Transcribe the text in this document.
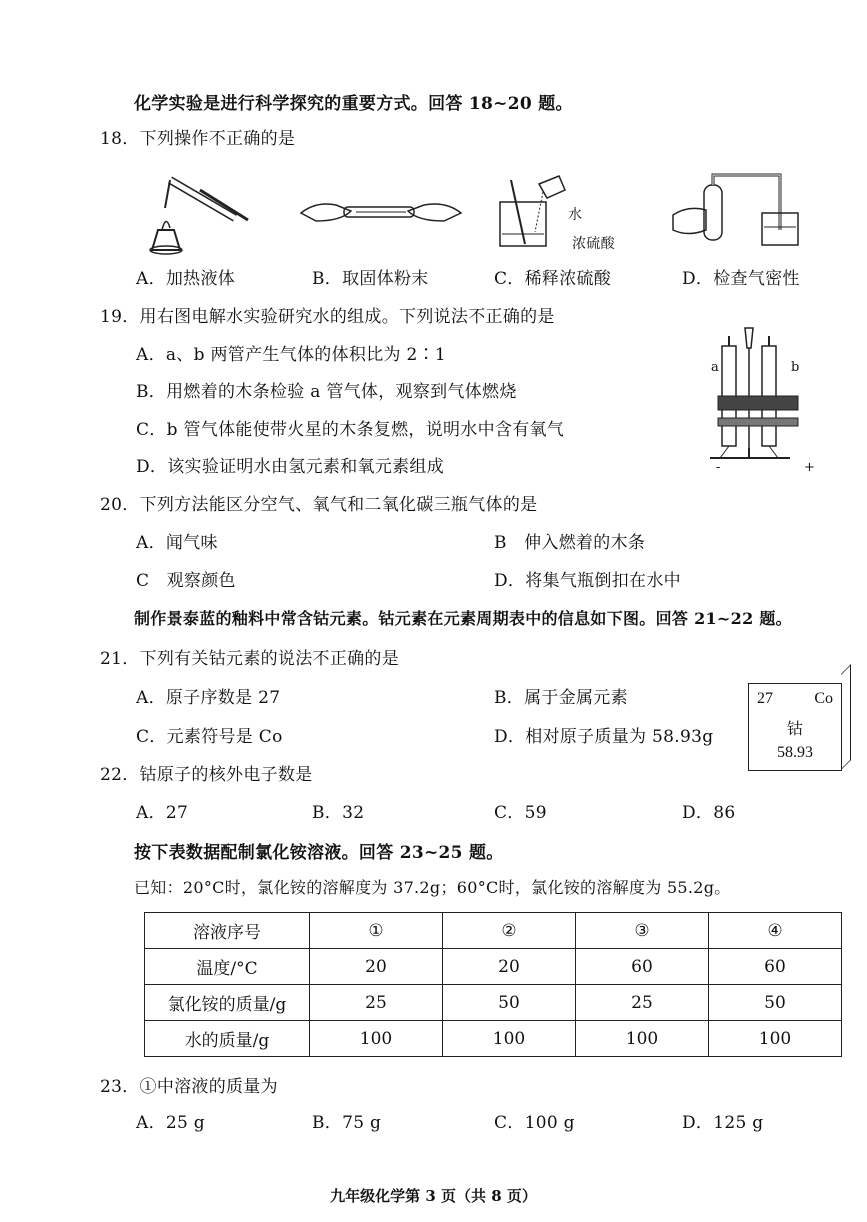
化学实验是进行科学探究的重要方式。回答 18~20 题。
18．下列操作不正确的是
水
浓硫酸
A．加热液体	B．取固体粉末	C．稀释浓硫酸	D．检查气密性
19．用右图电解水实验研究水的组成。下列说法不正确的是
A．a、b 两管产生气体的体积比为 2∶1
B．用燃着的木条检验 a 管气体，观察到气体燃烧
C．b 管气体能使带火星的木条复燃，说明水中含有氧气
D．该实验证明水由氢元素和氧元素组成
a	b
-	+
20．下列方法能区分空气、氧气和二氧化碳三瓶气体的是
A．闻气味	B　伸入燃着的木条
C　观察颜色	D．将集气瓶倒扣在水中
制作景泰蓝的釉料中常含钴元素。钴元素在元素周期表中的信息如下图。回答 21~22 题。
21．下列有关钴元素的说法不正确的是
A．原子序数是 27	B．属于金属元素
C．元素符号是 Co	D．相对原子质量为 58.93g
27	Co
钴
58.93
22．钴原子的核外电子数是
A．27	B．32	C．59	D．86
按下表数据配制氯化铵溶液。回答 23~25 题。
已知：20°C时，氯化铵的溶解度为 37.2g；60°C时，氯化铵的溶解度为 55.2g。
溶液序号	①	②	③	④
温度/°C	20	20	60	60
氯化铵的质量/g	25	50	25	50
水的质量/g	100	100	100	100
23．①中溶液的质量为
A．25 g	B．75 g	C．100 g	D．125 g
九年级化学第 3 页（共 8 页）
